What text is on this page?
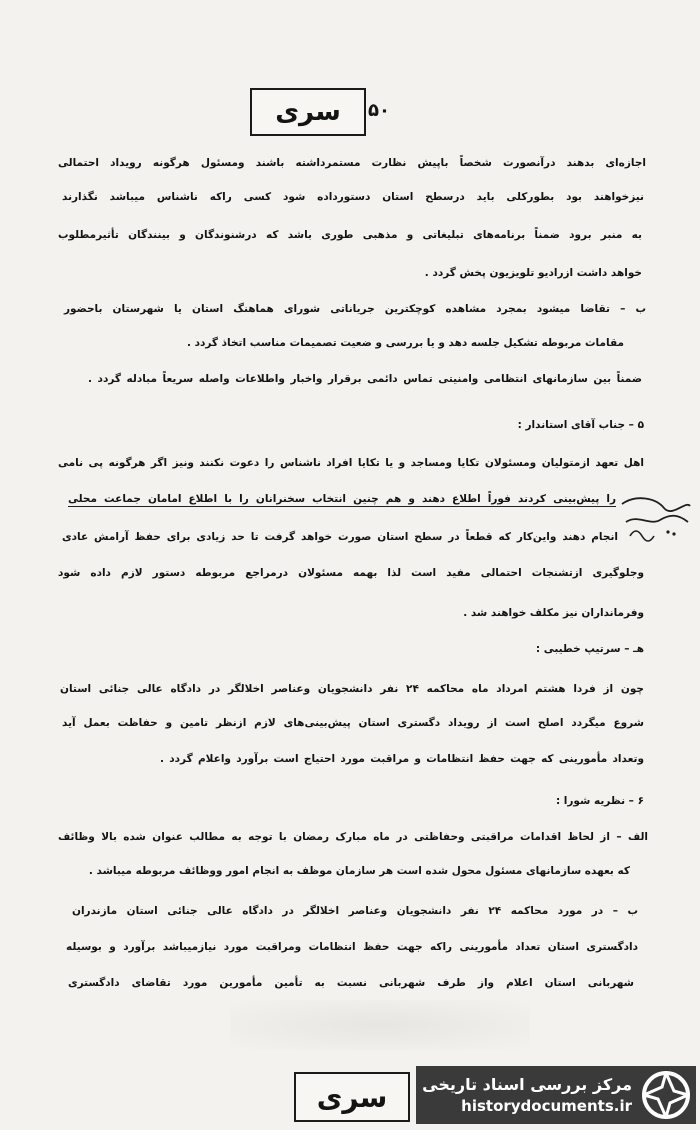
سری ۵۰
اجازه‌ای بدهند درآنصورت شخصاً باپیش نظارت مستمرداشته باشند ومسئول هرگونه رویداد احتمالی
نیزخواهند بود بطورکلی باید درسطح استان دستورداده شود کسی راکه ناشناس میباشد نگذارند
به منبر برود ضمناً برنامه‌های تبلیغاتی و مذهبی طوری باشد که درشنوندگان و بینندگان تأثیرمطلوب
خواهد داشت ازرادیو تلویزیون پخش گردد .
ب – تقاضا میشود بمجرد مشاهده کوچکترین جریاناتی شورای هماهنگ استان یا شهرستان باحضور
مقامات مربوطه تشکیل جلسه دهد و یا بررسی و ضعیت تصمیمات مناسب اتخاذ گردد .
ضمناً بین سازمانهای انتظامی وامنیتی تماس دائمی برقرار واخبار واطلاعات واصله سریعاً مبادله گردد .
۵ – جناب آقای استاندار :
اهل تعهد ازمتولیان ومسئولان تکایا ومساجد و یا تکایا افراد ناشناس را دعوت نکنند ونیز اگر هرگونه پی نامی
را پیش‌بینی کردند فوراً اطلاع دهند و هم چنین انتخاب سخنرانان را با اطلاع امامان جماعت محلی
انجام دهند واین‌کار که قطعاً در سطح استان صورت خواهد گرفت تا حد زیادی برای حفظ آرامش عادی
وجلوگیری ازتشنجات احتمالی مفید است لذا بهمه مسئولان درمراجع مربوطه دستور لازم داده شود
وفرمانداران نیز مکلف خواهند شد .
هـ – سرتیپ خطیبی :
چون از فردا هشتم امرداد ماه محاکمه ۲۴ نفر دانشجویان وعناصر اخلالگر در دادگاه عالی جنائی استان
شروع میگردد اصلح است از رویداد دگستری استان پیش‌بینی‌های لازم ازنظر تامین و حفاظت بعمل آید
وتعداد مأمورینی که جهت حفظ انتظامات و مراقبت مورد احتیاج است برآورد واعلام گردد .
۶ – نظریه شورا :
الف – از لحاظ اقدامات مراقبتی وحفاظتی در ماه مبارک رمضان با توجه به مطالب عنوان شده بالا وظائف
که بعهده سازمانهای مسئول محول شده است هر سازمان موظف به انجام امور ووظائف مربوطه میباشد .
ب – در مورد محاکمه ۲۴ نفر دانشجویان وعناصر اخلالگر در دادگاه عالی جنائی استان مازندران
دادگستری استان تعداد مأمورینی راکه جهت حفظ انتظامات ومراقبت مورد نیازمیباشد برآورد و بوسیله
شهربانی استان اعلام واز طرف شهربانی نسبت به تأمین مأمورین مورد تقاضای دادگستری
سری	مرکز بررسی اسناد تاریخی
historydocuments.ir
